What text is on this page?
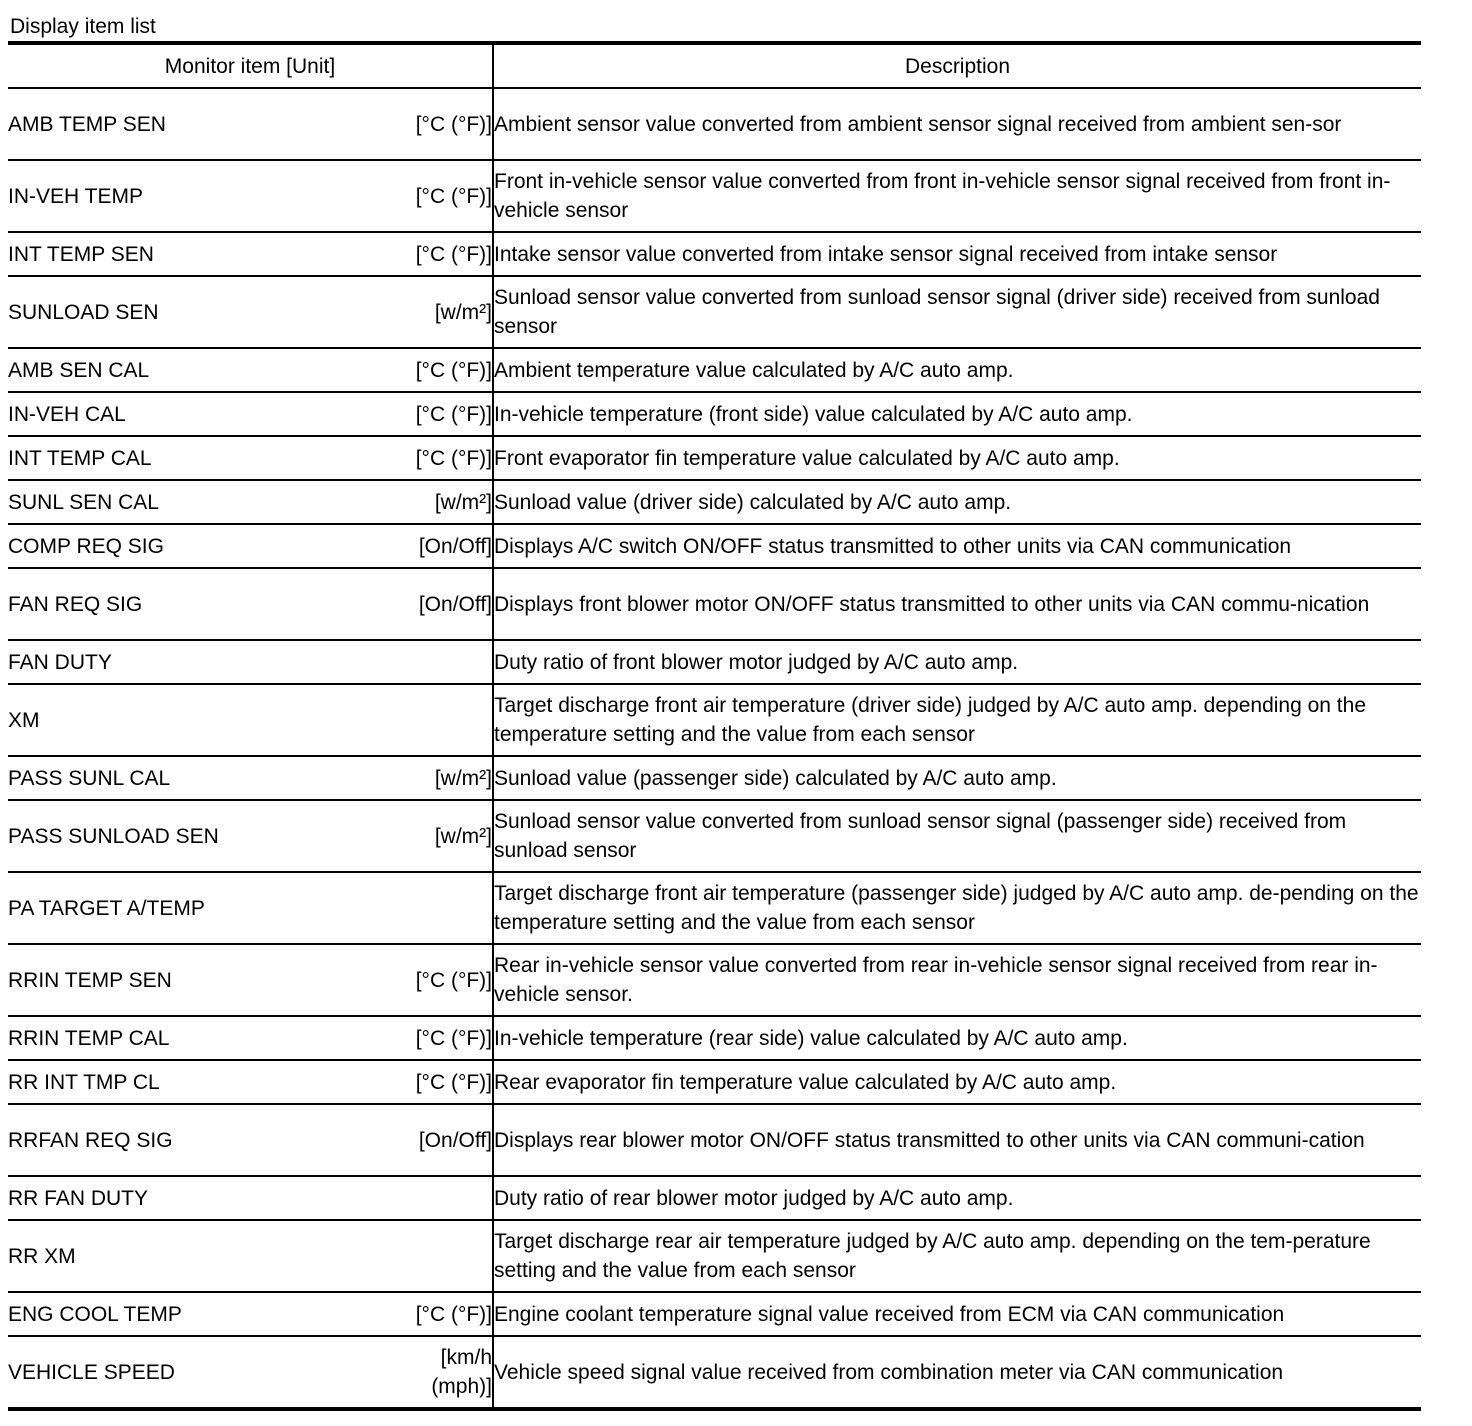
Display item list
Monitor item [Unit]	Description

AMB TEMP SEN [°C (°F)]	Ambient sensor value converted from ambient sensor signal received from ambient sen-sor

IN-VEH TEMP [°C (°F)]	Front in-vehicle sensor value converted from front in-vehicle sensor signal received from front in-vehicle sensor

INT TEMP SEN [°C (°F)]	Intake sensor value converted from intake sensor signal received from intake sensor

SUNLOAD SEN [w/m²]	Sunload sensor value converted from sunload sensor signal (driver side) received from sunload sensor

AMB SEN CAL [°C (°F)]	Ambient temperature value calculated by A/C auto amp.

IN-VEH CAL [°C (°F)]	In-vehicle temperature (front side) value calculated by A/C auto amp.

INT TEMP CAL [°C (°F)]	Front evaporator fin temperature value calculated by A/C auto amp.

SUNL SEN CAL [w/m²]	Sunload value (driver side) calculated by A/C auto amp.

COMP REQ SIG [On/Off]	Displays A/C switch ON/OFF status transmitted to other units via CAN communication

FAN REQ SIG [On/Off]	Displays front blower motor ON/OFF status transmitted to other units via CAN commu-nication

FAN DUTY	Duty ratio of front blower motor judged by A/C auto amp.

XM	Target discharge front air temperature (driver side) judged by A/C auto amp. depending on the temperature setting and the value from each sensor

PASS SUNL CAL [w/m²]	Sunload value (passenger side) calculated by A/C auto amp.

PASS SUNLOAD SEN [w/m²]	Sunload sensor value converted from sunload sensor signal (passenger side) received from sunload sensor

PA TARGET A/TEMP	Target discharge front air temperature (passenger side) judged by A/C auto amp. de-pending on the temperature setting and the value from each sensor

RRIN TEMP SEN [°C (°F)]	Rear in-vehicle sensor value converted from rear in-vehicle sensor signal received from rear in-vehicle sensor.

RRIN TEMP CAL [°C (°F)]	In-vehicle temperature (rear side) value calculated by A/C auto amp.

RR INT TMP CL [°C (°F)]	Rear evaporator fin temperature value calculated by A/C auto amp.

RRFAN REQ SIG [On/Off]	Displays rear blower motor ON/OFF status transmitted to other units via CAN communi-cation

RR FAN DUTY	Duty ratio of rear blower motor judged by A/C auto amp.

RR XM	Target discharge rear air temperature judged by A/C auto amp. depending on the tem-perature setting and the value from each sensor

ENG COOL TEMP [°C (°F)]	Engine coolant temperature signal value received from ECM via CAN communication

VEHICLE SPEED
[km/h
(mph)]	Vehicle speed signal value received from combination meter via CAN communication
